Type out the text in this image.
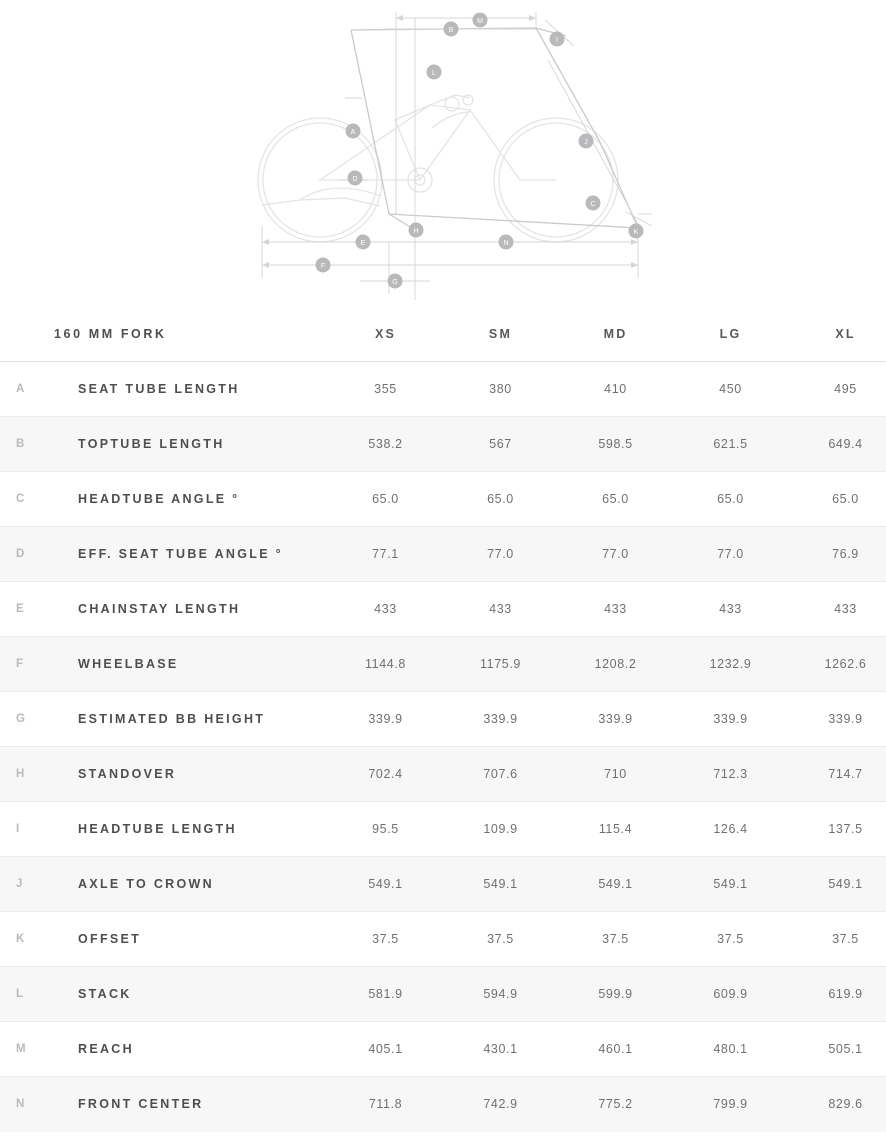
A
D
B
M
L
I
J
C
K
H
E	N
F
G
	160 MM FORK	XS	SM	MD	LG	XL
A	SEAT TUBE LENGTH	355	380	410	450	495
B	TOPTUBE LENGTH	538.2	567	598.5	621.5	649.4
C	HEADTUBE ANGLE °	65.0	65.0	65.0	65.0	65.0
D	EFF. SEAT TUBE ANGLE °	77.1	77.0	77.0	77.0	76.9
E	CHAINSTAY LENGTH	433	433	433	433	433
F	WHEELBASE	1144.8	1175.9	1208.2	1232.9	1262.6
G	ESTIMATED BB HEIGHT	339.9	339.9	339.9	339.9	339.9
H	STANDOVER	702.4	707.6	710	712.3	714.7
I	HEADTUBE LENGTH	95.5	109.9	115.4	126.4	137.5
J	AXLE TO CROWN	549.1	549.1	549.1	549.1	549.1
K	OFFSET	37.5	37.5	37.5	37.5	37.5
L	STACK	581.9	594.9	599.9	609.9	619.9
M	REACH	405.1	430.1	460.1	480.1	505.1
N	FRONT CENTER	711.8	742.9	775.2	799.9	829.6
